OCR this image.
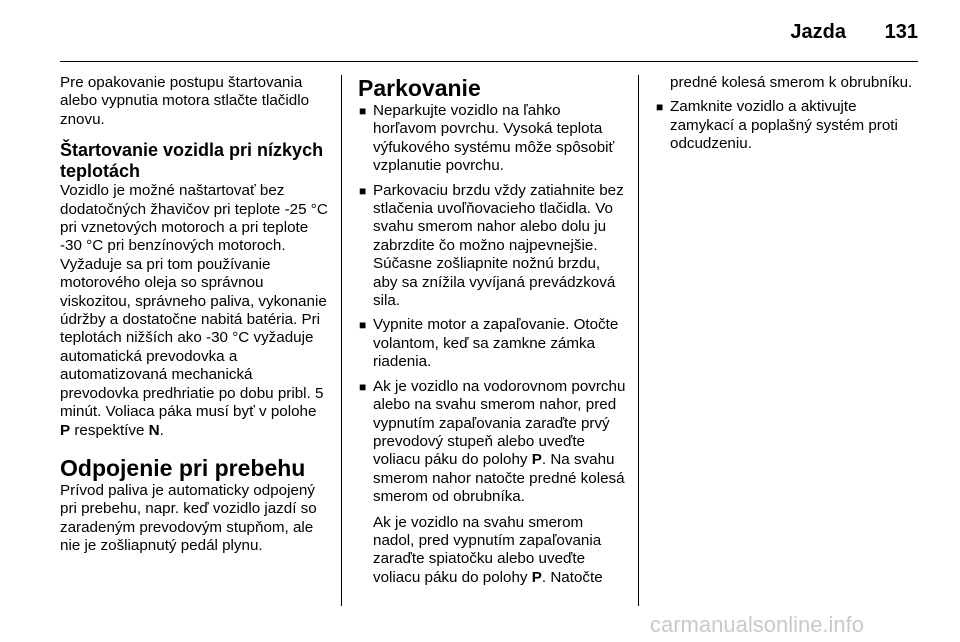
Jazda	131

Pre opakovanie postupu štartovania alebo vypnutia motora stlačte tlačidlo znovu.

Štartovanie vozidla pri nízkych teplotách

Vozidlo je možné naštartovať bez dodatočných žhavičov pri teplote -25 °C pri vznetových motoroch a pri teplote -30 °C pri benzínových motoroch. Vyžaduje sa pri tom používanie motorového oleja so správnou viskozitou, správneho paliva, vykonanie údržby a dostatočne nabitá batéria. Pri teplotách nižších ako -30 °C vyžaduje automatická prevodovka a automatizovaná mechanická prevodovka predhriatie po dobu pribl. 5 minút. Voliaca páka musí byť v polohe P respektíve N.

Odpojenie pri prebehu

Prívod paliva je automaticky odpojený pri prebehu, napr. keď vozidlo jazdí so zaradeným prevodovým stupňom, ale nie je zošliapnutý pedál plynu.

Parkovanie

■ Neparkujte vozidlo na ľahko horľavom povrchu. Vysoká teplota výfukového systému môže spôsobiť vzplanutie povrchu.
■ Parkovaciu brzdu vždy zatiahnite bez stlačenia uvoľňovacieho tlačidla. Vo svahu smerom nahor alebo dolu ju zabrzdite čo možno najpevnejšie. Súčasne zošliapnite nožnú brzdu, aby sa znížila vyvíjaná prevádzková sila.
■ Vypnite motor a zapaľovanie. Otočte volantom, keď sa zamkne zámka riadenia.
■ Ak je vozidlo na vodorovnom povrchu alebo na svahu smerom nahor, pred vypnutím zapaľovania zaraďte prvý prevodový stupeň alebo uveďte voliacu páku do polohy P. Na svahu smerom nahor natočte predné kolesá smerom od obrubníka.

Ak je vozidlo na svahu smerom nadol, pred vypnutím zapaľovania zaraďte spiatočku alebo uveďte voliacu páku do polohy P. Natočte

predné kolesá smerom k obrubníku.
■ Zamknite vozidlo a aktivujte zamykací a poplašný systém proti odcudzeniu.
carmanualsonline.info
